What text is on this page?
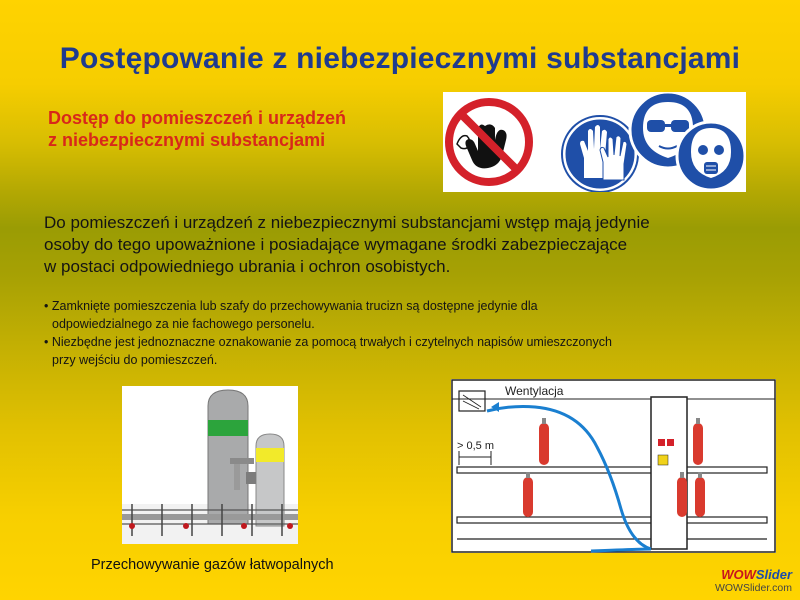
Postępowanie z niebezpiecznymi substancjami
Dostęp do pomieszczeń i urządzeń
z niebezpiecznymi substancjami
Do pomieszczeń i urządzeń z niebezpiecznymi substancjami wstęp mają jedynie
osoby do tego upoważnione i posiadające wymagane środki zabezpieczające
w postaci odpowiedniego ubrania i ochron osobistych.
• Zamknięte pomieszczenia lub szafy do przechowywania trucizn są dostępne jedynie dla
odpowiedzialnego za nie fachowego personelu.
• Niezbędne jest jednoznaczne oznakowanie za pomocą trwałych i czytelnych napisów umieszczonych
przy wejściu do pomieszczeń.
Wentylacja
> 0,5 m
Przechowywanie gazów łatwopalnych
WOWSlider
WOWSlider.com
